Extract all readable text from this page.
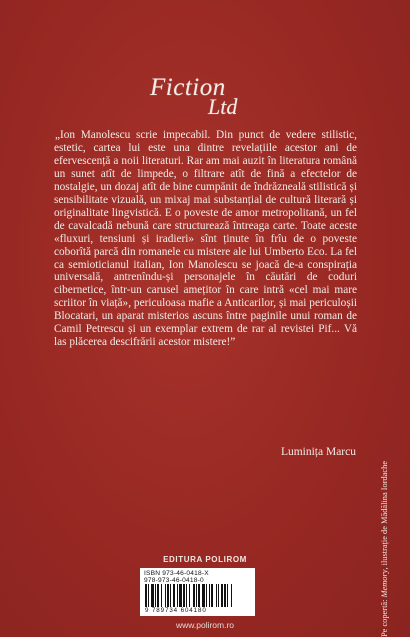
Fiction
Ltd

„Ion Manolescu scrie impecabil. Din punct de vedere stilistic, estetic, cartea lui este una dintre revelațiile acestor ani de efervescență a noii literaturi. Rar am mai auzit în literatura română un sunet atît de limpede, o filtrare atît de fină a efectelor de nostalgie, un dozaj atît de bine cumpănit de îndrăzneală stilistică și sensibilitate vizuală, un mixaj mai substanțial de cultură literară și originalitate lingvistică. E o poveste de amor metropolitană, un fel de cavalcadă nebună care structurează întreaga carte. Toate aceste «fluxuri, tensiuni și iradieri» sînt ținute în frîu de o poveste coborîtă parcă din romanele cu mistere ale lui Umberto Eco. La fel ca semioticianul italian, Ion Manolescu se joacă de-a conspirația universală, antrenîndu-și personajele în căutări de coduri cibernetice, într-un carusel amețitor în care intră «cel mai mare scriitor în viață», periculoasa mafie a Anticarilor, și mai periculoșii Blocatari, un aparat misterios ascuns între paginile unui roman de Camil Petrescu și un exemplar extrem de rar al revistei Pif... Vă las plăcerea descifrării acestor mistere!”

Luminița Marcu
EDITURA POLIROM
ISBN 973-46-0418-X
978-973-46-0418-0
9 789734 604180
www.polirom.ro	Pe copertă: Memory, ilustrație de Mădălina Iordache
